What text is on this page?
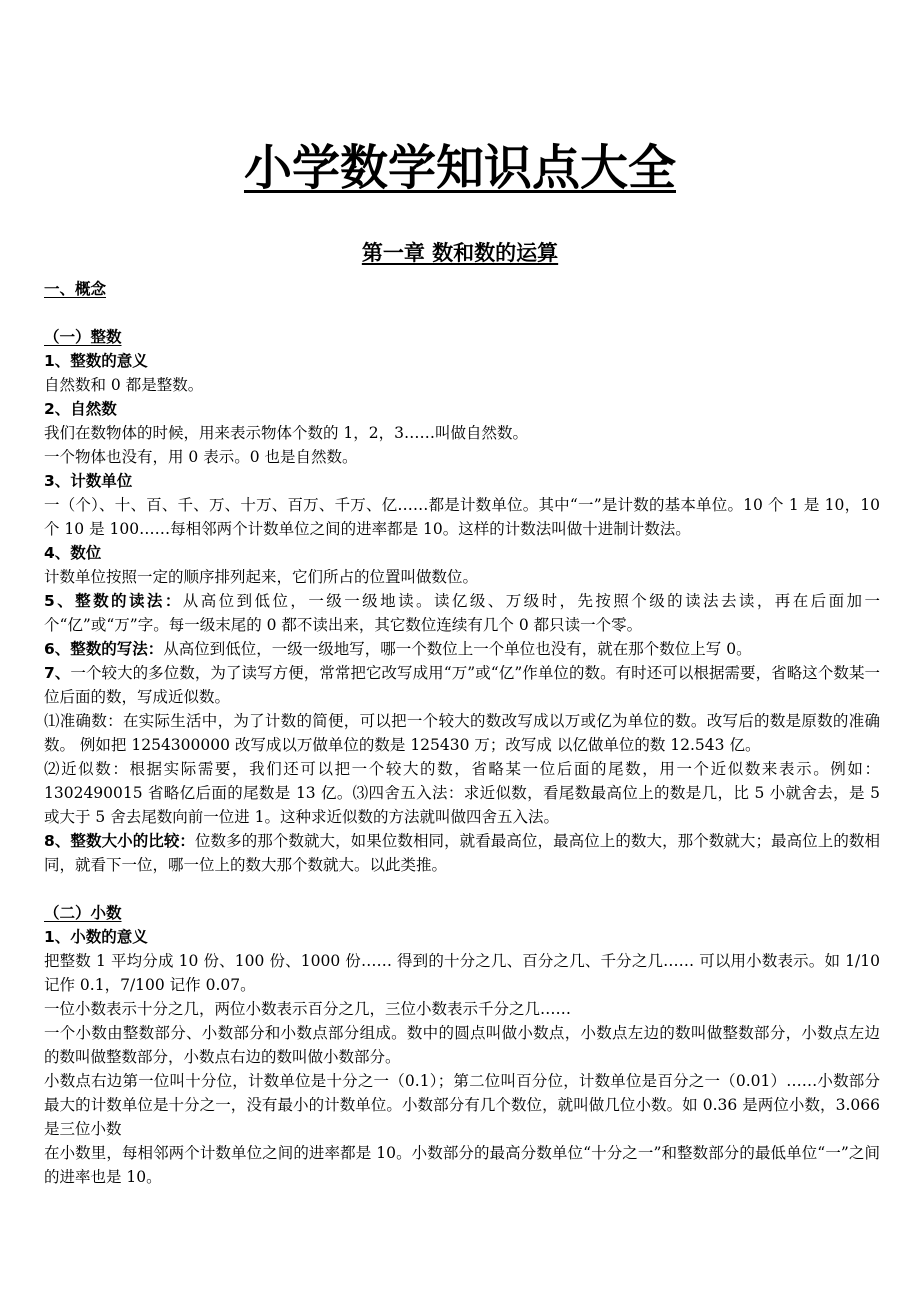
小学数学知识点大全
第一章 数和数的运算

一、概念

（一）整数

1、整数的意义

自然数和 0 都是整数。

2、自然数

我们在数物体的时候，用来表示物体个数的 1，2，3……叫做自然数。

一个物体也没有，用 0 表示。0 也是自然数。

3、计数单位

一（个）、十、百、千、万、十万、百万、千万、亿……都是计数单位。其中“一”是计数的基本单位。10 个 1 是 10，10 个 10 是 100……每相邻两个计数单位之间的进率都是 10。这样的计数法叫做十进制计数法。

4、数位

计数单位按照一定的顺序排列起来，它们所占的位置叫做数位。

5、整数的读法：从高位到低位，一级一级地读。读亿级、万级时，先按照个级的读法去读，再在后面加一个“亿”或“万”字。每一级末尾的 0 都不读出来，其它数位连续有几个 0 都只读一个零。

6、整数的写法：从高位到低位，一级一级地写，哪一个数位上一个单位也没有，就在那个数位上写 0。

7、一个较大的多位数，为了读写方便，常常把它改写成用“万”或“亿”作单位的数。有时还可以根据需要，省略这个数某一位后面的数，写成近似数。

⑴准确数：在实际生活中，为了计数的简便，可以把一个较大的数改写成以万或亿为单位的数。改写后的数是原数的准确数。 例如把 1254300000 改写成以万做单位的数是 125430 万；改写成 以亿做单位的数 12.543 亿。

⑵近似数：根据实际需要，我们还可以把一个较大的数，省略某一位后面的尾数，用一个近似数来表示。例如：1302490015 省略亿后面的尾数是 13 亿。⑶四舍五入法：求近似数，看尾数最高位上的数是几，比 5 小就舍去，是 5 或大于 5 舍去尾数向前一位进 1。这种求近似数的方法就叫做四舍五入法。

8、整数大小的比较：位数多的那个数就大，如果位数相同，就看最高位，最高位上的数大，那个数就大；最高位上的数相同，就看下一位，哪一位上的数大那个数就大。以此类推。

（二）小数

1、小数的意义

把整数 1 平均分成 10 份、100 份、1000 份…… 得到的十分之几、百分之几、千分之几…… 可以用小数表示。如 1/10 记作 0.1，7/100 记作 0.07。

一位小数表示十分之几，两位小数表示百分之几，三位小数表示千分之几……

一个小数由整数部分、小数部分和小数点部分组成。数中的圆点叫做小数点，小数点左边的数叫做整数部分，小数点左边的数叫做整数部分，小数点右边的数叫做小数部分。

小数点右边第一位叫十分位，计数单位是十分之一（0.1）；第二位叫百分位，计数单位是百分之一（0.01）……小数部分最大的计数单位是十分之一，没有最小的计数单位。小数部分有几个数位，就叫做几位小数。如 0.36 是两位小数，3.066 是三位小数

在小数里，每相邻两个计数单位之间的进率都是 10。小数部分的最高分数单位“十分之一”和整数部分的最低单位“一”之间的进率也是 10。
